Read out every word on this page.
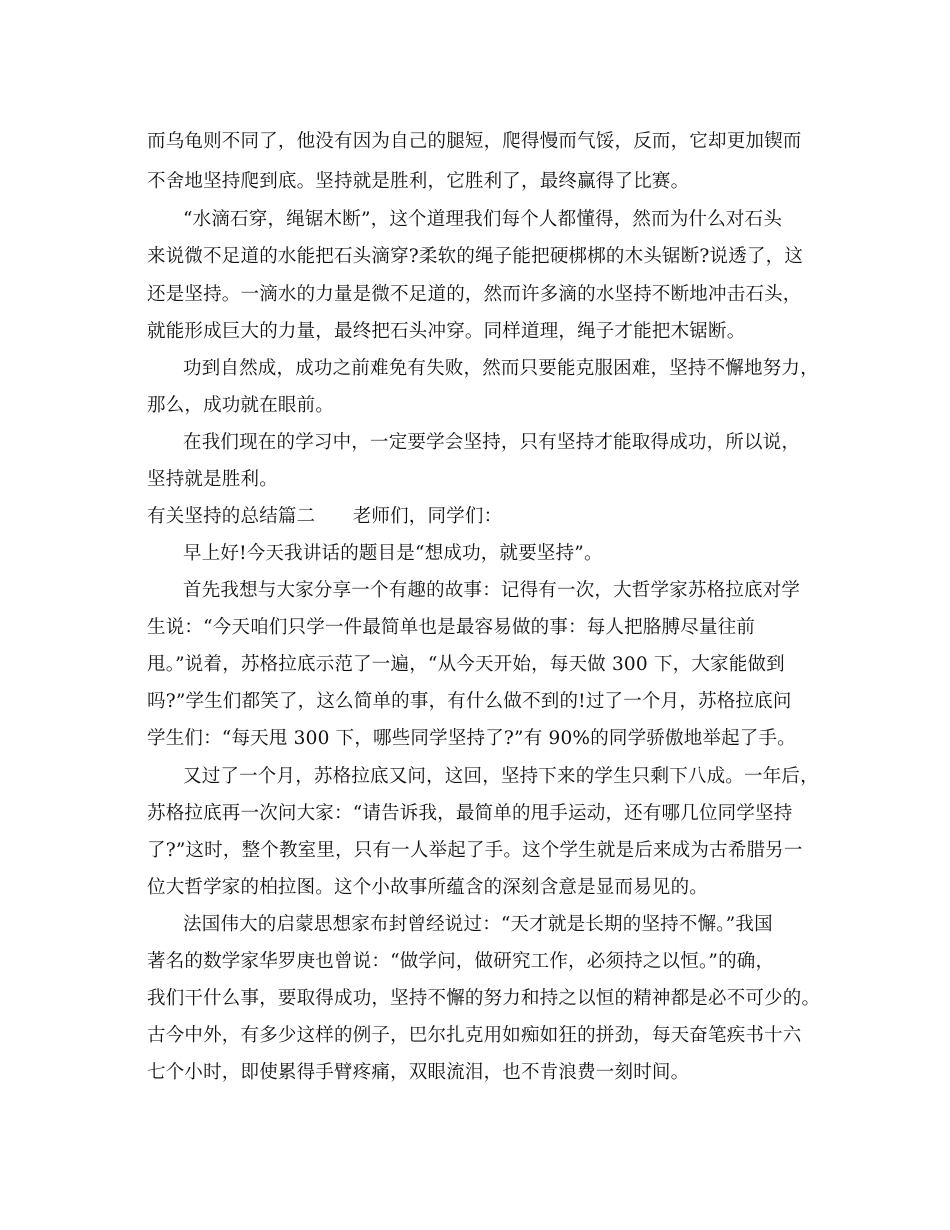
而乌龟则不同了，他没有因为自己的腿短，爬得慢而气馁，反而，它却更加锲而
不舍地坚持爬到底。坚持就是胜利，它胜利了，最终赢得了比赛。
“水滴石穿，绳锯木断”，这个道理我们每个人都懂得，然而为什么对石头
来说微不足道的水能把石头滴穿?柔软的绳子能把硬梆梆的木头锯断?说透了，这
还是坚持。一滴水的力量是微不足道的，然而许多滴的水坚持不断地冲击石头，
就能形成巨大的力量，最终把石头冲穿。同样道理，绳子才能把木锯断。
功到自然成，成功之前难免有失败，然而只要能克服困难，坚持不懈地努力，
那么，成功就在眼前。
在我们现在的学习中，一定要学会坚持，只有坚持才能取得成功，所以说，
坚持就是胜利。
有关坚持的总结篇二　　老师们，同学们：
早上好!今天我讲话的题目是“想成功，就要坚持”。
首先我想与大家分享一个有趣的故事：记得有一次，大哲学家苏格拉底对学
生说：“今天咱们只学一件最简单也是最容易做的事：每人把胳膊尽量往前
甩。”说着，苏格拉底示范了一遍，“从今天开始，每天做 300 下，大家能做到
吗?”学生们都笑了，这么简单的事，有什么做不到的!过了一个月，苏格拉底问
学生们：“每天甩 300 下，哪些同学坚持了?”有 90%的同学骄傲地举起了手。
又过了一个月，苏格拉底又问，这回，坚持下来的学生只剩下八成。一年后，
苏格拉底再一次问大家：“请告诉我，最简单的甩手运动，还有哪几位同学坚持
了?”这时，整个教室里，只有一人举起了手。这个学生就是后来成为古希腊另一
位大哲学家的柏拉图。这个小故事所蕴含的深刻含意是显而易见的。
法国伟大的启蒙思想家布封曾经说过：“天才就是长期的坚持不懈。”我国
著名的数学家华罗庚也曾说：“做学问，做研究工作，必须持之以恒。”的确，
我们干什么事，要取得成功，坚持不懈的努力和持之以恒的精神都是必不可少的。
古今中外，有多少这样的例子，巴尔扎克用如痴如狂的拼劲，每天奋笔疾书十六
七个小时，即使累得手臂疼痛，双眼流泪，也不肯浪费一刻时间。
